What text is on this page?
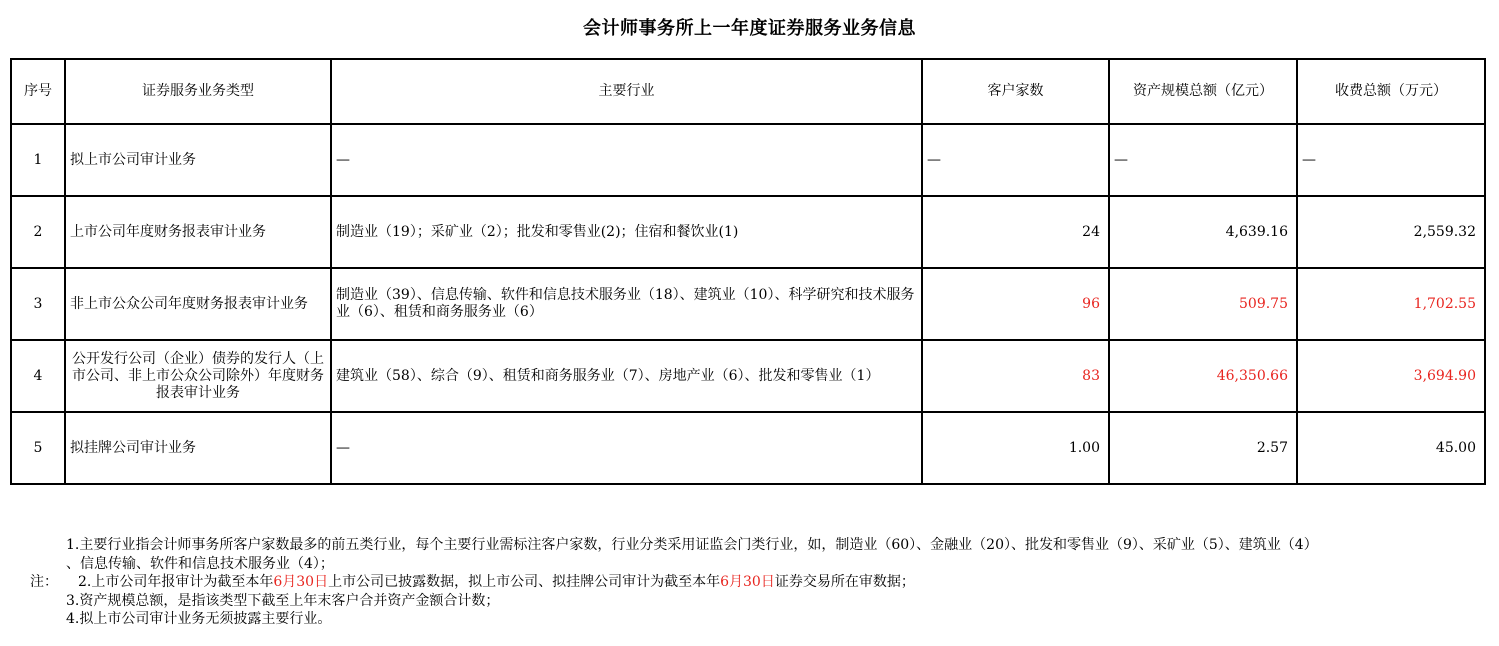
会计师事务所上一年度证券服务业务信息
序号	证券服务业务类型	主要行业	客户家数	资产规模总额（亿元）	收费总额（万元）
1	拟上市公司审计业务	—	—	—	—
2	上市公司年度财务报表审计业务	制造业（19）；采矿业（2）；批发和零售业(2)；住宿和餐饮业(1)	24	4,639.16	2,559.32
3	非上市公众公司年度财务报表审计业务	制造业（39）、信息传输、软件和信息技术服务业（18）、建筑业（10）、科学研究和技术服务业（6）、租赁和商务服务业（6）	96	509.75	1,702.55
4	公开发行公司（企业）债券的发行人（上市公司、非上市公众公司除外）年度财务报表审计业务	建筑业（58）、综合（9）、租赁和商务服务业（7）、房地产业（6）、批发和零售业（1）	83	46,350.66	3,694.90
5	拟挂牌公司审计业务	—	1.00	2.57	45.00
注：
1.主要行业指会计师事务所客户家数最多的前五类行业，每个主要行业需标注客户家数，行业分类采用证监会门类行业，如，制造业（60）、金融业（20）、批发和零售业（9）、采矿业（5）、建筑业（4）
、信息传输、软件和信息技术服务业（4）；
2.上市公司年报审计为截至本年6月30日上市公司已披露数据，拟上市公司、拟挂牌公司审计为截至本年6月30日证券交易所在审数据；
3.资产规模总额，是指该类型下截至上年末客户合并资产金额合计数；
4.拟上市公司审计业务无须披露主要行业。
